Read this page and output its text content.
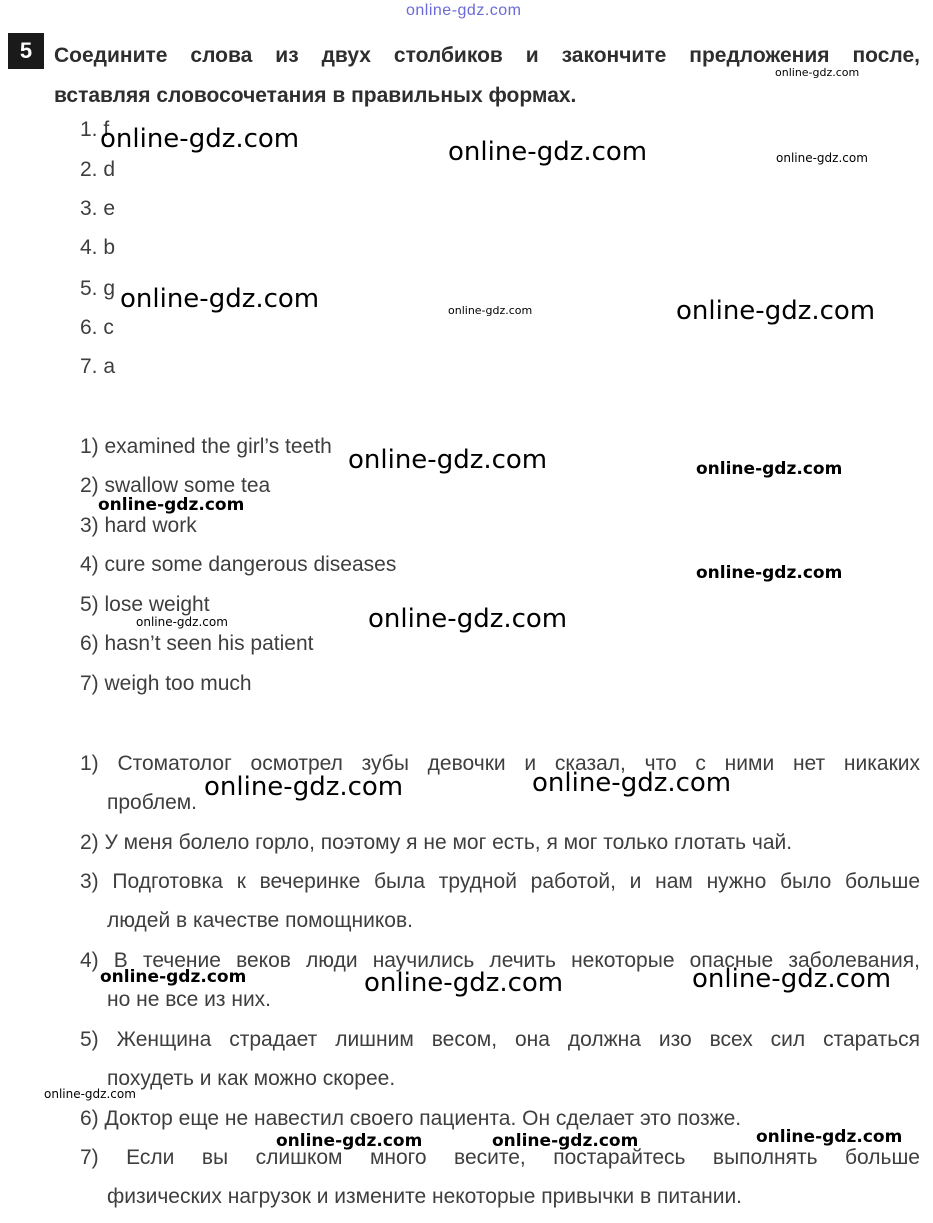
online-gdz.com
5	Соедините слова из двух столбиков и закончите предложения после,
вставляя словосочетания в правильных формах.
1. f
2. d
3. e
4. b
5. g
6. c
7. a
1) examined the girl’s teeth
2) swallow some tea
3) hard work
4) cure some dangerous diseases
5) lose weight
6) hasn’t seen his patient
7) weigh too much
1) Стоматолог осмотрел зубы девочки и сказал, что с ними нет никаких
проблем.
2) У меня болело горло, поэтому я не мог есть, я мог только глотать чай.
3) Подготовка к вечеринке была трудной работой, и нам нужно было больше
людей в качестве помощников.
4) В течение веков люди научились лечить некоторые опасные заболевания,
но не все из них.
5) Женщина страдает лишним весом, она должна изо всех сил стараться
похудеть и как можно скорее.
6) Доктор еще не навестил своего пациента. Он сделает это позже.
7) Если вы слишком много весите, постарайтесь выполнять больше
физических нагрузок и измените некоторые привычки в питании.
online-gdz.com
online-gdz.com	online-gdz.com	online-gdz.com
online-gdz.com	online-gdz.com	online-gdz.com
online-gdz.com	online-gdz.com
online-gdz.com
online-gdz.com
online-gdz.com	online-gdz.com
online-gdz.com	online-gdz.com
online-gdz.com	online-gdz.com	online-gdz.com
online-gdz.com
online-gdz.com	online-gdz.com	online-gdz.com
